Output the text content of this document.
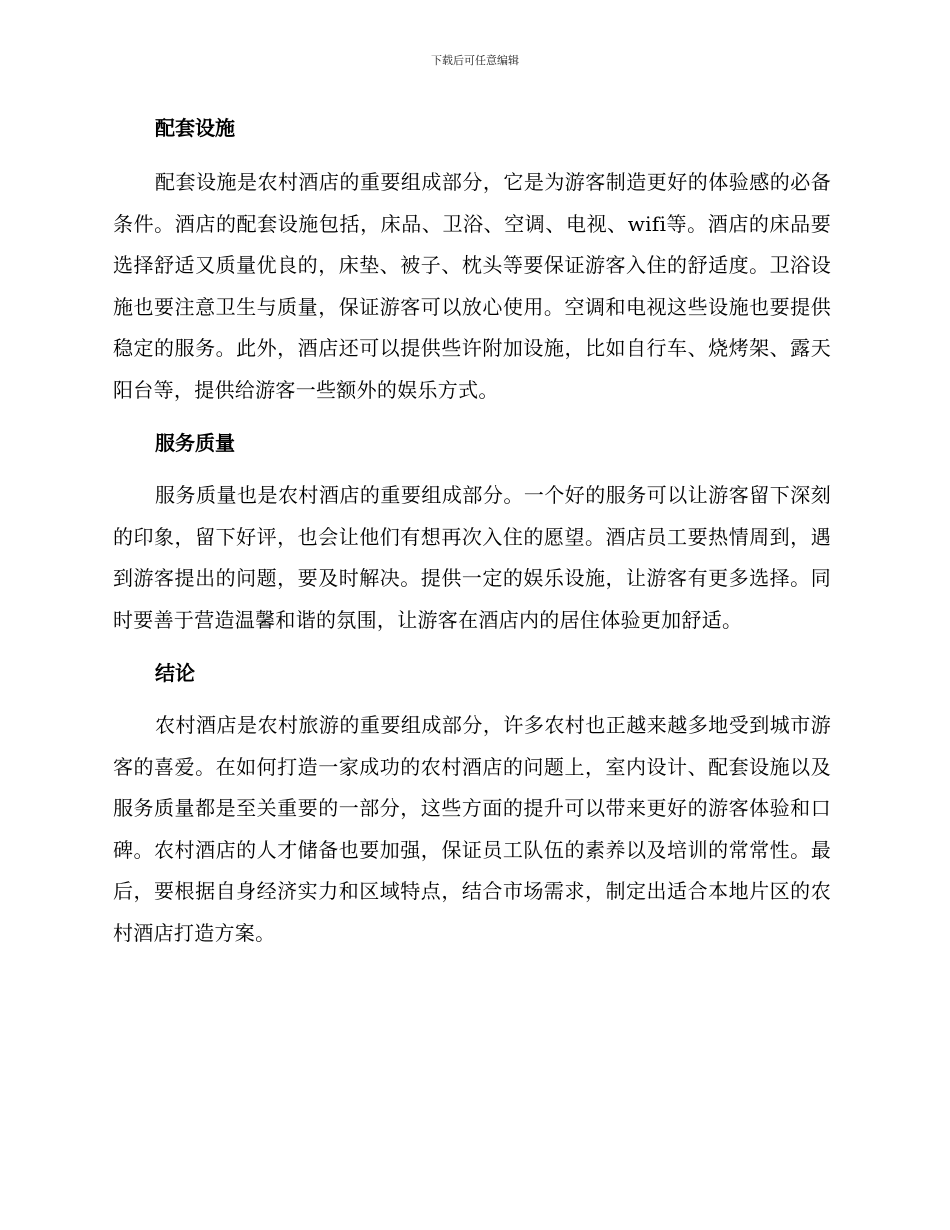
下载后可任意编辑
配套设施

配套设施是农村酒店的重要组成部分，它是为游客制造更好的体验感的必备条件。酒店的配套设施包括，床品、卫浴、空调、电视、wifi等。酒店的床品要选择舒适又质量优良的，床垫、被子、枕头等要保证游客入住的舒适度。卫浴设施也要注意卫生与质量，保证游客可以放心使用。空调和电视这些设施也要提供稳定的服务。此外，酒店还可以提供些许附加设施，比如自行车、烧烤架、露天阳台等，提供给游客一些额外的娱乐方式。

服务质量

服务质量也是农村酒店的重要组成部分。一个好的服务可以让游客留下深刻的印象，留下好评，也会让他们有想再次入住的愿望。酒店员工要热情周到，遇到游客提出的问题，要及时解决。提供一定的娱乐设施，让游客有更多选择。同时要善于营造温馨和谐的氛围，让游客在酒店内的居住体验更加舒适。

结论

农村酒店是农村旅游的重要组成部分，许多农村也正越来越多地受到城市游客的喜爱。在如何打造一家成功的农村酒店的问题上，室内设计、配套设施以及服务质量都是至关重要的一部分，这些方面的提升可以带来更好的游客体验和口碑。农村酒店的人才储备也要加强，保证员工队伍的素养以及培训的常常性。最后，要根据自身经济实力和区域特点，结合市场需求，制定出适合本地片区的农村酒店打造方案。
